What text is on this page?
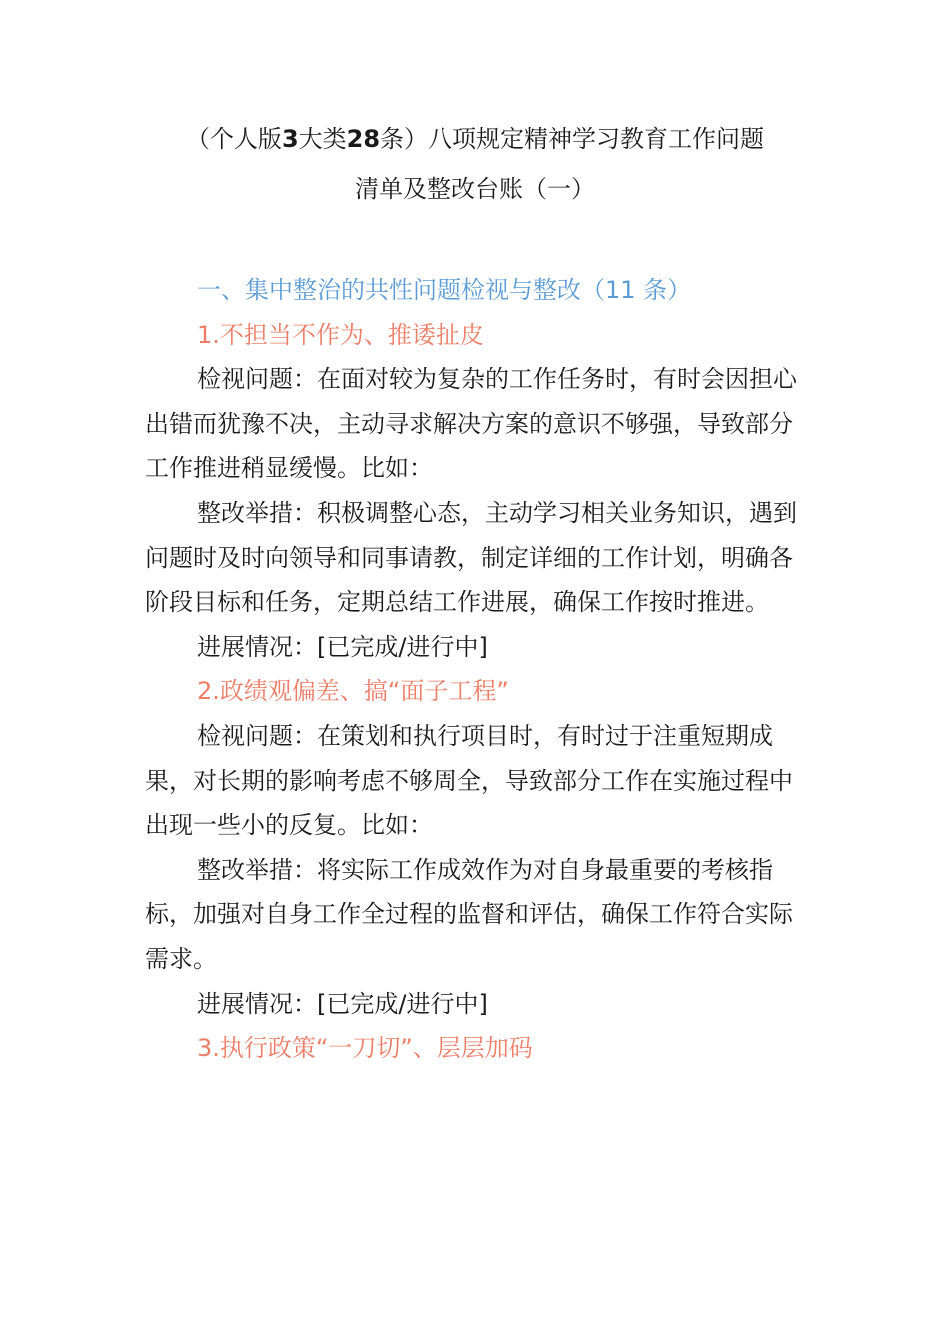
（个人版3大类28条）八项规定精神学习教育工作问题
清单及整改台账（一）

一、集中整治的共性问题检视与整改（11 条）

1.不担当不作为、推诿扯皮

检视问题：在面对较为复杂的工作任务时，有时会因担心出错而犹豫不决，主动寻求解决方案的意识不够强，导致部分工作推进稍显缓慢。比如：

整改举措：积极调整心态，主动学习相关业务知识，遇到问题时及时向领导和同事请教，制定详细的工作计划，明确各阶段目标和任务，定期总结工作进展，确保工作按时推进。

进展情况：[已完成/进行中]

2.政绩观偏差、搞“面子工程”

检视问题：在策划和执行项目时，有时过于注重短期成果，对长期的影响考虑不够周全，导致部分工作在实施过程中出现一些小的反复。比如：

整改举措：将实际工作成效作为对自身最重要的考核指标，加强对自身工作全过程的监督和评估，确保工作符合实际需求。

进展情况：[已完成/进行中]

3.执行政策“一刀切”、层层加码
